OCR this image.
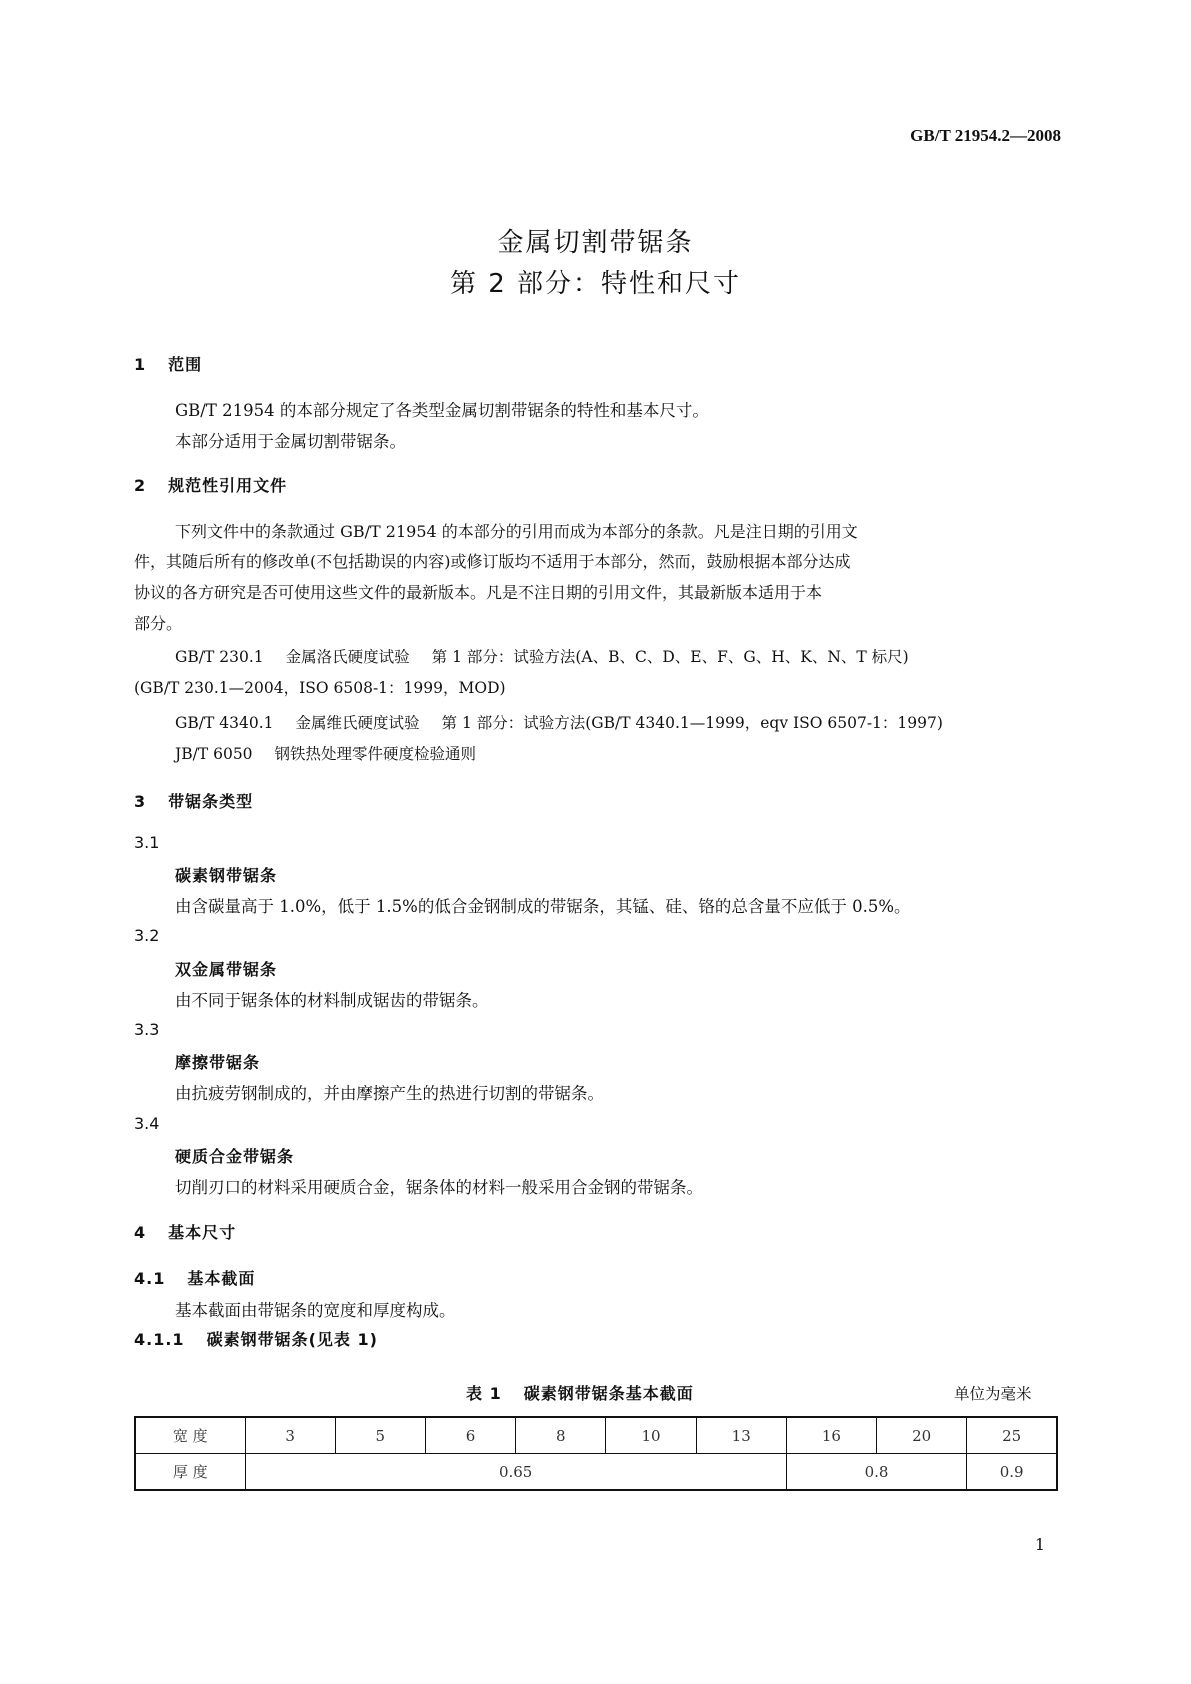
GB/T 21954.2—2008
金属切割带锯条
第 2 部分：特性和尺寸
1 范围
GB/T 21954 的本部分规定了各类型金属切割带锯条的特性和基本尺寸。
本部分适用于金属切割带锯条。
2 规范性引用文件
下列文件中的条款通过 GB/T 21954 的本部分的引用而成为本部分的条款。凡是注日期的引用文
件，其随后所有的修改单(不包括勘误的内容)或修订版均不适用于本部分，然而，鼓励根据本部分达成
协议的各方研究是否可使用这些文件的最新版本。凡是不注日期的引用文件，其最新版本适用于本
部分。
GB/T 230.1 金属洛氏硬度试验 第 1 部分：试验方法(A、B、C、D、E、F、G、H、K、N、T 标尺)
(GB/T 230.1—2004，ISO 6508-1：1999，MOD)
GB/T 4340.1 金属维氏硬度试验 第 1 部分：试验方法(GB/T 4340.1—1999，eqv ISO 6507-1：1997)
JB/T 6050 钢铁热处理零件硬度检验通则
3 带锯条类型
3.1
碳素钢带锯条
由含碳量高于 1.0%，低于 1.5%的低合金钢制成的带锯条，其锰、硅、铬的总含量不应低于 0.5%。
3.2
双金属带锯条
由不同于锯条体的材料制成锯齿的带锯条。
3.3
摩擦带锯条
由抗疲劳钢制成的，并由摩擦产生的热进行切割的带锯条。
3.4
硬质合金带锯条
切削刃口的材料采用硬质合金，锯条体的材料一般采用合金钢的带锯条。
4 基本尺寸
4.1 基本截面
基本截面由带锯条的宽度和厚度构成。
4.1.1 碳素钢带锯条(见表 1)
表 1 碳素钢带锯条基本截面	单位为毫米
宽 度	3	5	6	8	10	13	16	20	25
厚 度	0.65						0.8		0.9
1
